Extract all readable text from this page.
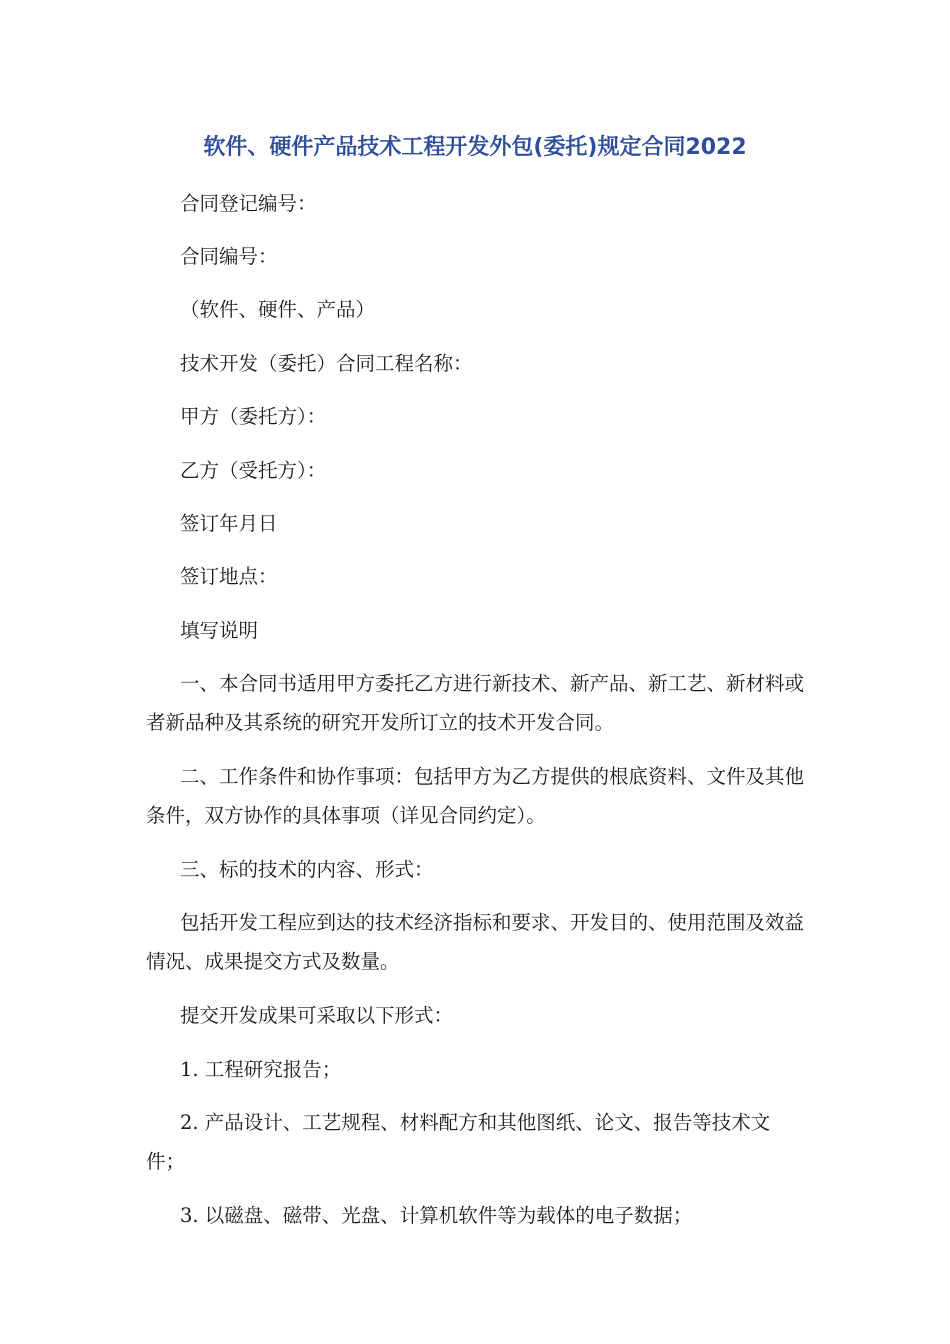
软件、硬件产品技术工程开发外包(委托)规定合同2022

合同登记编号：

合同编号：

（软件、硬件、产品）

技术开发（委托）合同工程名称：

甲方（委托方）：

乙方（受托方）：

签订年月日

签订地点：

填写说明

一、本合同书适用甲方委托乙方进行新技术、新产品、新工艺、新材料或者新品种及其系统的研究开发所订立的技术开发合同。

二、工作条件和协作事项：包括甲方为乙方提供的根底资料、文件及其他条件，双方协作的具体事项（详见合同约定）。

三、标的技术的内容、形式：

包括开发工程应到达的技术经济指标和要求、开发目的、使用范围及效益情况、成果提交方式及数量。

提交开发成果可采取以下形式：

1. 工程研究报告；

2. 产品设计、工艺规程、材料配方和其他图纸、论文、报告等技术文件；

3. 以磁盘、磁带、光盘、计算机软件等为载体的电子数据；
